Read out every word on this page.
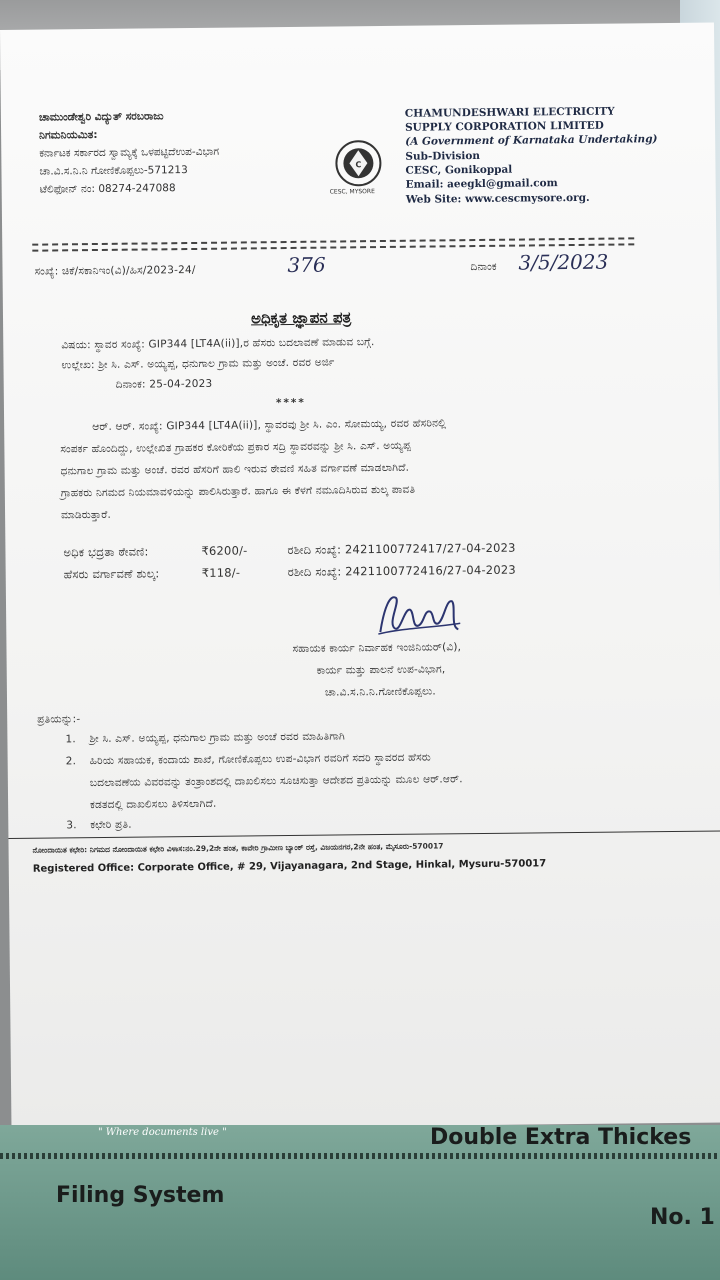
ಚಾಮುಂಡೇಶ್ವರಿ ವಿದ್ಯುತ್ ಸರಬರಾಜು
ನಿಗಮನಿಯಮಿತ:
ಕರ್ನಾಟಕ ಸರ್ಕಾರದ ಸ್ವಾಮ್ಯಕ್ಕೆ ಒಳಪಟ್ಟಿದೆಉಪ-ವಿಭಾಗ
ಚಾ.ವಿ.ಸ.ನಿ.ನಿ ಗೋಣಿಕೊಪ್ಪಲು-571213
ಟೆಲಿಫೋನ್ ನಂ: 08274-247088
C
CESC, MYSORE
CHAMUNDESHWARI ELECTRICITY
SUPPLY CORPORATION LIMITED
(A Government of Karnataka Undertaking)
Sub-Division
CESC, Gonikoppal
Email: aeegkl@gmail.com
Web Site: www.cescmysore.org.
ಸಂಖ್ಯೆ: ಚಿಕೆ/ಸಕಾನಿಇಂ(ವಿ)/ಹಿಸ/2023-24/	376	ದಿನಾಂಕ 3/5/2023
ಅಧಿಕೃತ ಜ್ಞಾಪನ ಪತ್ರ
ವಿಷಯ: ಸ್ಥಾವರ ಸಂಖ್ಯೆ: GIP344 [LT4A(ii)],ರ ಹೆಸರು ಬದಲಾವಣೆ ಮಾಡುವ ಬಗ್ಗೆ.
ಉಲ್ಲೇಖ: ಶ್ರೀ ಸಿ. ಎಸ್. ಅಯ್ಯಪ್ಪ, ಧನುಗಾಲ ಗ್ರಾಮ ಮತ್ತು ಅಂಚೆ. ರವರ ಅರ್ಜಿ
ದಿನಾಂಕ: 25-04-2023
****
ಆರ್. ಆರ್. ಸಂಖ್ಯೆ: GIP344 [LT4A(ii)], ಸ್ಥಾವರವು ಶ್ರೀ ಸಿ. ಎಂ. ಸೋಮಯ್ಯ, ರವರ ಹೆಸರಿನಲ್ಲಿ
ಸಂಪರ್ಕ ಹೊಂದಿದ್ದು, ಉಲ್ಲೇಖಿತ ಗ್ರಾಹಕರ ಕೋರಿಕೆಯ ಪ್ರಕಾರ ಸದ್ರಿ ಸ್ಥಾವರವನ್ನು ಶ್ರೀ ಸಿ. ಎಸ್. ಅಯ್ಯಪ್ಪ
ಧನುಗಾಲ ಗ್ರಾಮ ಮತ್ತು ಅಂಚೆ. ರವರ ಹೆಸರಿಗೆ ಹಾಲಿ ಇರುವ ಠೇವಣಿ ಸಹಿತ ವರ್ಗಾವಣೆ ಮಾಡಲಾಗಿದೆ.
ಗ್ರಾಹಕರು ನಿಗಮದ ನಿಯಮಾವಳಿಯನ್ನು ಪಾಲಿಸಿರುತ್ತಾರೆ. ಹಾಗೂ ಈ ಕೆಳಗೆ ನಮೂದಿಸಿರುವ ಶುಲ್ಕ ಪಾವತಿ
ಮಾಡಿರುತ್ತಾರೆ.
ಅಧಿಕ ಭದ್ರತಾ ಠೇವಣಿ:	₹6200/-	ರಶೀದಿ ಸಂಖ್ಯೆ: 2421100772417/27-04-2023
ಹೆಸರು ವರ್ಗಾವಣೆ ಶುಲ್ಕ:	₹118/-	ರಶೀದಿ ಸಂಖ್ಯೆ: 2421100772416/27-04-2023
ಸಹಾಯಕ ಕಾರ್ಯ ನಿರ್ವಾಹಕ ಇಂಜಿನಿಯರ್(ವಿ),
ಕಾರ್ಯ ಮತ್ತು ಪಾಲನೆ ಉಪ-ವಿಭಾಗ,
ಚಾ.ವಿ.ಸ.ನಿ.ನಿ.ಗೋಣಿಕೊಪ್ಪಲು.
ಪ್ರತಿಯನ್ನು:-
1. ಶ್ರೀ ಸಿ. ಎಸ್. ಅಯ್ಯಪ್ಪ, ಧನುಗಾಲ ಗ್ರಾಮ ಮತ್ತು ಅಂಚೆ ರವರ ಮಾಹಿತಿಗಾಗಿ
2. ಹಿರಿಯ ಸಹಾಯಕ, ಕಂದಾಯ ಶಾಖೆ, ಗೋಣಿಕೊಪ್ಪಲು ಉಪ-ವಿಭಾಗ ರವರಿಗೆ ಸದರಿ ಸ್ಥಾವರದ ಹೆಸರು
ಬದಲಾವಣೆಯ ವಿವರವನ್ನು ತಂತ್ರಾಂಶದಲ್ಲಿ ದಾಖಲಿಸಲು ಸೂಚಿಸುತ್ತಾ ಆದೇಶದ ಪ್ರತಿಯನ್ನು ಮೂಲ ಆರ್.ಆರ್.
ಕಡತದಲ್ಲಿ ದಾಖಲಿಸಲು ತಿಳಿಸಲಾಗಿದೆ.
3. ಕಛೇರಿ ಪ್ರತಿ.
ನೋಂದಾಯಿತ ಕಛೇರಿ: ನಿಗಮದ ನೋಂದಾಯಿತ ಕಛೇರಿ ವಿಳಾಸ:ನಂ.29,2ನೇ ಹಂತ, ಕಾವೇರಿ ಗ್ರಾಮೀಣ ಬ್ಯಾಂಕ್ ರಸ್ತೆ, ವಿಜಯನಗರ,2ನೇ ಹಂತ, ಮೈಸೂರು-570017
Registered Office: Corporate Office, # 29, Vijayanagara, 2nd Stage, Hinkal, Mysuru-570017
" Where documents live "	Double Extra Thickes
Filing System
No. 1
